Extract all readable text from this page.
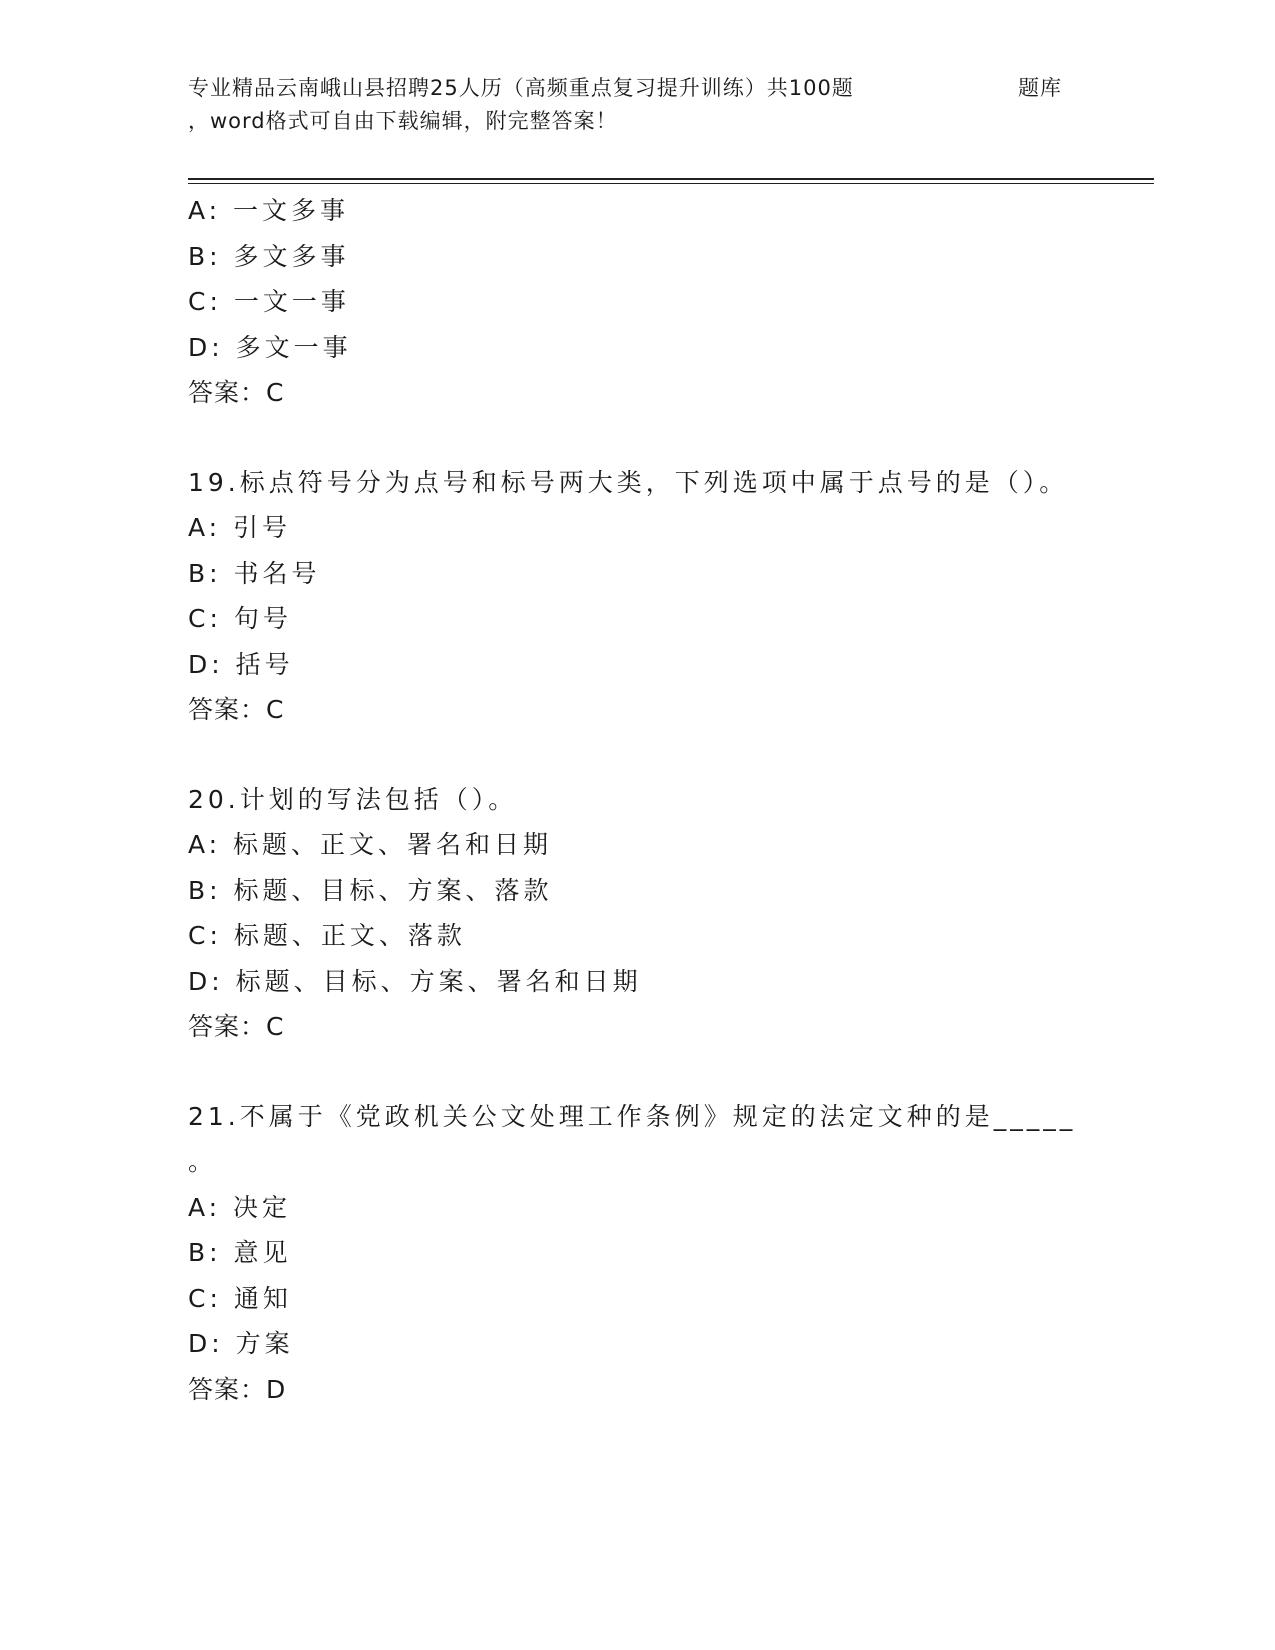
专业精品云南峨山县招聘25人历（高频重点复习提升训练）共100题	题库
，word格式可自由下载编辑，附完整答案！
A: 一文多事
B: 多文多事
C: 一文一事
D: 多文一事
答案：C
19.标点符号分为点号和标号两大类，下列选项中属于点号的是（）。
A: 引号
B: 书名号
C: 句号
D: 括号
答案：C
20.计划的写法包括（）。
A: 标题、正文、署名和日期
B: 标题、目标、方案、落款
C: 标题、正文、落款
D: 标题、目标、方案、署名和日期
答案：C
21.不属于《党政机关公文处理工作条例》规定的法定文种的是_____
。
A: 决定
B: 意见
C: 通知
D: 方案
答案：D
